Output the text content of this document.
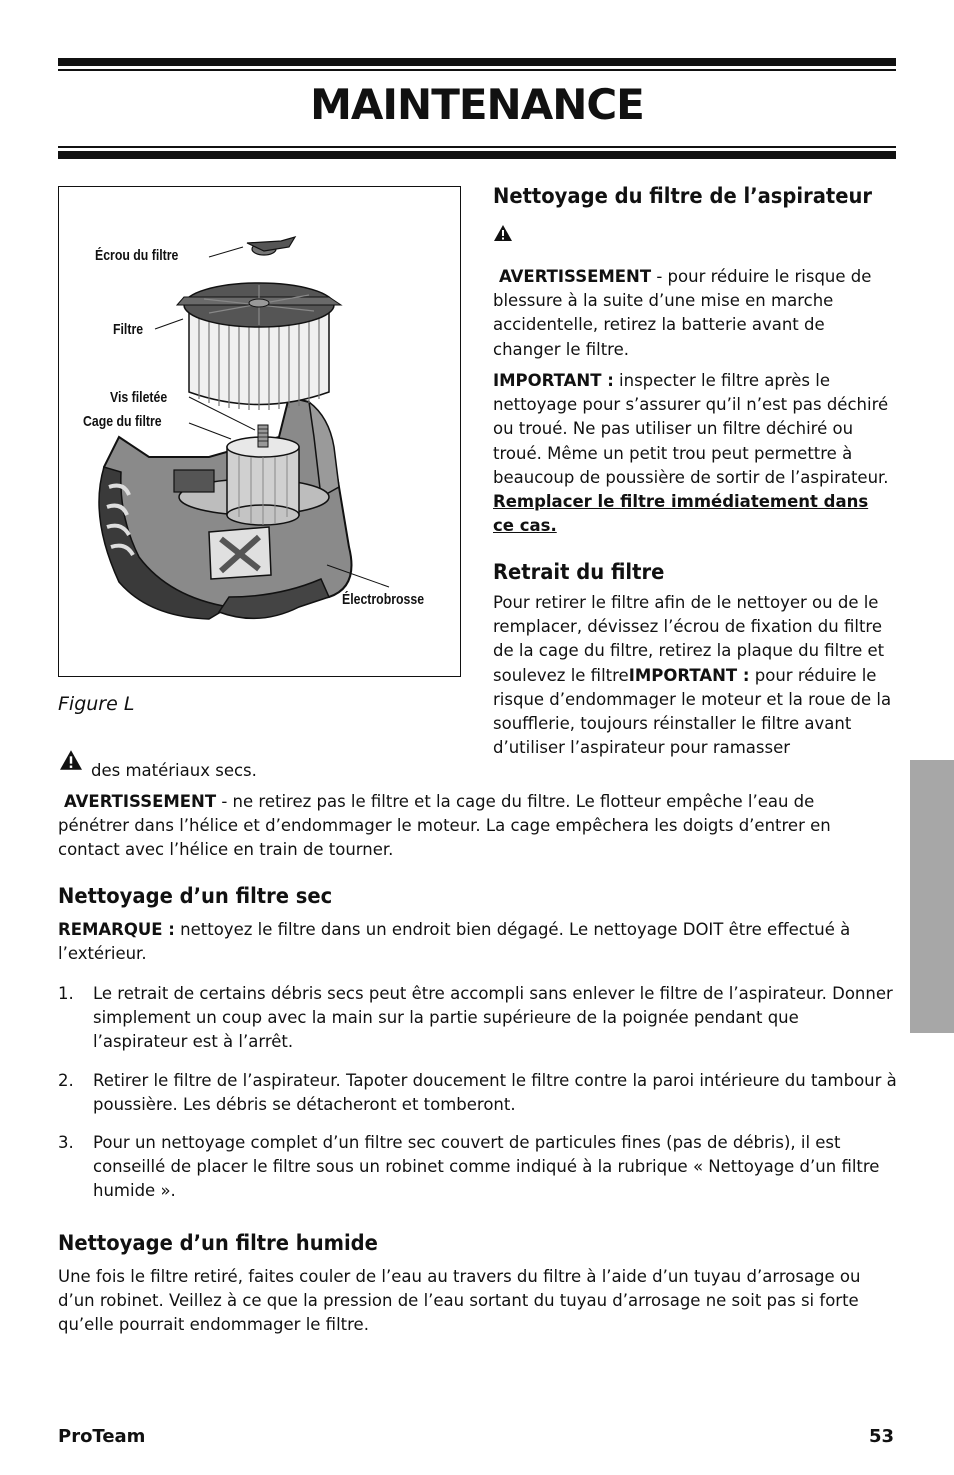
MAINTENANCE
Écrou du filtre
Filtre
Vis filetée
Cage du filtre
Électrobrosse
Figure L
Nettoyage du filtre de l’aspirateur
AVERTISSEMENT - pour réduire le risque de blessure à la suite d’une mise en marche accidentelle, retirez la batterie avant de changer le filtre.
IMPORTANT : inspecter le filtre après le nettoyage pour s’assurer qu’il n’est pas déchiré ou troué. Ne pas utiliser un filtre déchiré ou troué. Même un petit trou peut permettre à beaucoup de poussière de sortir de l’aspirateur. Remplacer le filtre immédiatement dans ce cas.
Retrait du filtre
Pour retirer le filtre afin de le nettoyer ou de le remplacer, dévissez l’écrou de fixation du filtre de la cage du filtre, retirez la plaque du filtre et soulevez le filtreIMPORTANT : pour réduire le risque d’endommager le moteur et la roue de la soufflerie, toujours réinstaller le filtre avant d’utiliser l’aspirateur pour ramasser
des matériaux secs.
AVERTISSEMENT - ne retirez pas le filtre et la cage du filtre. Le flotteur empêche l’eau de pénétrer dans l’hélice et d’endommager le moteur. La cage empêchera les doigts d’entrer en contact avec l’hélice en train de tourner.
Nettoyage d’un filtre sec
REMARQUE : nettoyez le filtre dans un endroit bien dégagé. Le nettoyage DOIT être effectué à l’extérieur.
1. Le retrait de certains débris secs peut être accompli sans enlever le filtre de l’aspirateur. Donner simplement un coup avec la main sur la partie supérieure de la poignée pendant que l’aspirateur est à l’arrêt.
2. Retirer le filtre de l’aspirateur. Tapoter doucement le filtre contre la paroi intérieure du tambour à poussière. Les débris se détacheront et tomberont.
3. Pour un nettoyage complet d’un filtre sec couvert de particules fines (pas de débris), il est conseillé de placer le filtre sous un robinet comme indiqué à la rubrique « Nettoyage d’un filtre humide ».
Nettoyage d’un filtre humide
Une fois le filtre retiré, faites couler de l’eau au travers du filtre à l’aide d’un tuyau d’arrosage ou d’un robinet. Veillez à ce que la pression de l’eau sortant du tuyau d’arrosage ne soit pas si forte qu’elle pourrait endommager le filtre.
ProTeam	53
